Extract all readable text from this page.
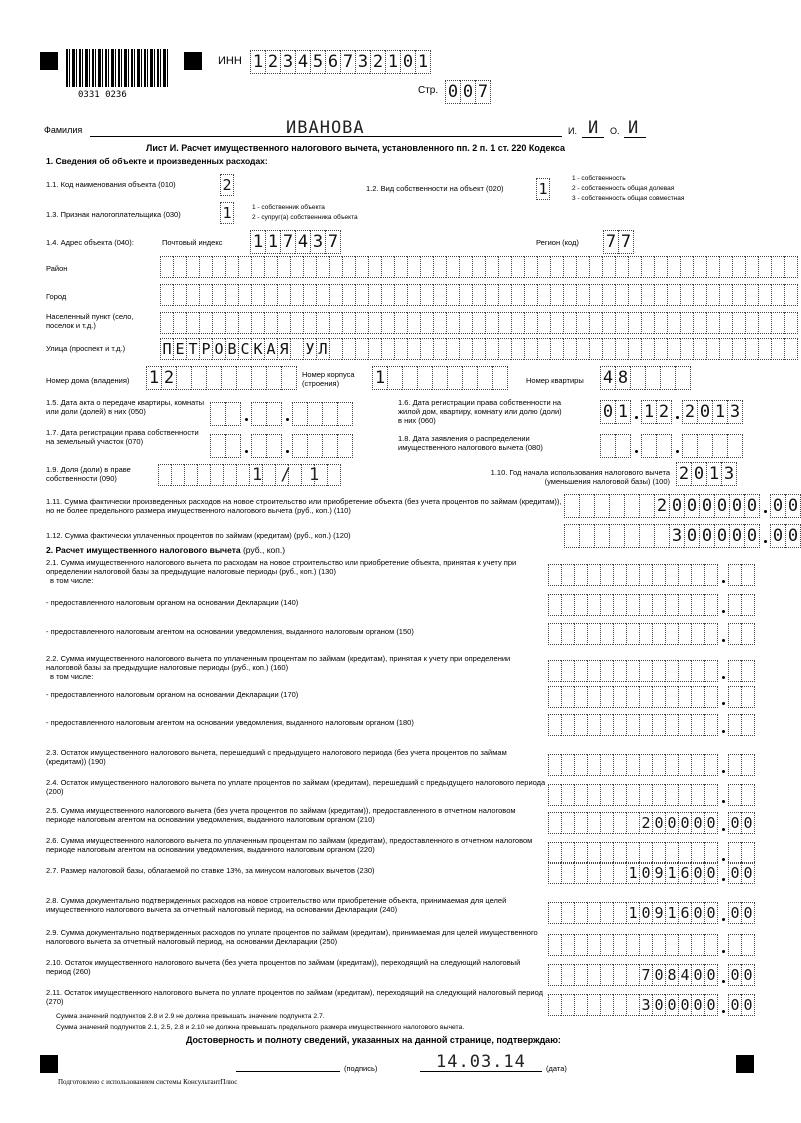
0331 0236
ИНН 1 2 3 4 5 6 7 3 2 1 0 1
Стр. 0 0 7
Фамилия	ИВАНОВА	И. И О. И
Лист И. Расчет имущественного налогового вычета, установленного пп. 2 п. 1 ст. 220 Кодекса
1. Сведения об объекте и произведенных расходах:
1.1. Код наименования объекта (010)	2	1.2. Вид собственности на объект (020) 1
1 - собственность
2 - собственность общая долевая
3 - собственность общая совместная
1.3. Признак налогоплательщика (030)	1	1 - собственник объекта
2 - супруг(а) собственника объекта
1.4. Адрес объекта (040):	Почтовый индекс 1 1 7 4 3 7	Регион (код) 7 7
Район
Город
Населенный пункт (село, поселок и т.д.)
Улица (проспект и т.д.) П Е Т Р О В С К А Я У Л
Номер дома (владения) 1 2	Номер корпуса (строения)	1	Номер квартиры 4 8
1.5. Дата акта о передаче квартиры, комнаты или доли (долей) в них (050)
1.6. Дата регистрации права собственности на жилой дом, квартиру, комнату или долю (доли) в них (060)	0 1 1 2 2 0 1 3
1.7. Дата регистрации права собственности на земельный участок (070)	1.8. Дата заявления о распределении имущественного налогового вычета (080)
1.9. Доля (доли) в праве собственности (090)	1 / 1	1.10. Год начала использования налогового вычета (уменьшения налоговой базы) (100) 2 0 1 3
1.11. Сумма фактически произведенных расходов на новое строительство или приобретение объекта (без учета процентов по займам (кредитам)), но не более предельного размера имущественного налогового вычета (руб., коп.) (110)	2 0 0 0 0 0 0 0 0
1.12. Сумма фактически уплаченных процентов по займам (кредитам) (руб., коп.) (120)	3 0 0 0 0 0 0 0
2. Расчет имущественного налогового вычета (руб., коп.)
2.1. Сумма имущественного налогового вычета по расходам на новое строительство или приобретение объекта, принятая к учету при определении налоговой базы за предыдущие налоговые периоды (руб., коп.) (130)
в том числе:
- предоставленного налоговым органом на основании Декларации (140)
- предоставленного налоговым агентом на основании уведомления, выданного налоговым органом (150)
2.2. Сумма имущественного налогового вычета по уплаченным процентам по займам (кредитам), принятая к учету при определении налоговой базы за предыдущие налоговые периоды (руб., коп.) (160)
в том числе:
- предоставленного налоговым органом на основании Декларации (170)
- предоставленного налоговым агентом на основании уведомления, выданного налоговым органом (180)
2.3. Остаток имущественного налогового вычета, перешедший с предыдущего налогового периода (без учета процентов по займам (кредитам)) (190)
2.4. Остаток имущественного налогового вычета по уплате процентов по займам (кредитам), перешедший с предыдущего налогового периода (200)
2.5. Сумма имущественного налогового вычета (без учета процентов по займам (кредитам)), предоставленного в отчетном налоговом периоде налоговым агентом на основании уведомления, выданного налоговым органом (210)	2 0 0 0 0 0 0 0
2.6. Сумма имущественного налогового вычета по уплаченным процентам по займам (кредитам), предоставленного в отчетном налоговом периоде налоговым агентом на основании уведомления, выданного налоговым органом (220)
2.7. Размер налоговой базы, облагаемой по ставке 13%, за минусом налоговых вычетов (230)	1 0 9 1 6 0 0 0 0
2.8. Сумма документально подтвержденных расходов на новое строительство или приобретение объекта, принимаемая для целей имущественного налогового вычета за отчетный налоговый период, на основании Декларации (240)	1 0 9 1 6 0 0 0 0
2.9. Сумма документально подтвержденных расходов по уплате процентов по займам (кредитам), принимаемая для целей имущественного налогового вычета за отчетный налоговый период, на основании Декларации (250)
2.10. Остаток имущественного налогового вычета (без учета процентов по займам (кредитам)), переходящий на следующий налоговый период (260)	7 0 8 4 0 0 0 0
2.11. Остаток имущественного налогового вычета по уплате процентов по займам (кредитам), переходящий на следующий налоговый период (270)	3 0 0 0 0 0 0 0
Сумма значений подпунктов 2.8 и 2.9 не должна превышать значение подпункта 2.7.
Сумма значений подпунктов 2.1, 2.5, 2.8 и 2.10 не должна превышать предельного размера имущественного налогового вычета.
Достоверность и полноту сведений, указанных на данной странице, подтверждаю:
(подпись)	14.03.14	(дата)
Подготовлено с использованием системы КонсультантПлюс
